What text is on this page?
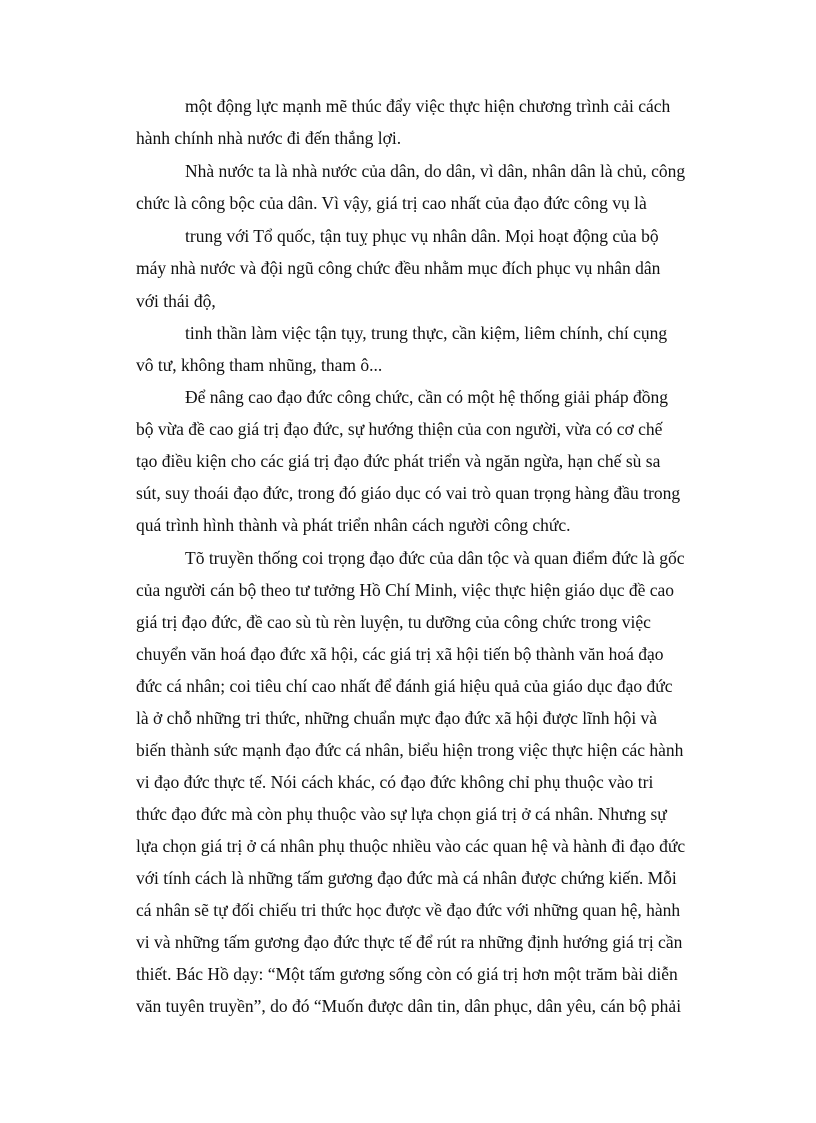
một động lực mạnh mẽ thúc đẩy việc thực hiện chương trình cải cách
hành chính nhà nước đi đến thắng lợi.
Nhà nước ta là nhà nước của dân, do dân, vì dân, nhân dân là chủ, công
chức là công bộc của dân. Vì vậy, giá trị cao nhất của đạo đức công vụ là
trung với Tổ quốc, tận tuỵ phục vụ nhân dân. Mọi hoạt động của bộ
máy nhà nước và đội ngũ công chức đều nhằm mục đích phục vụ nhân dân
với thái độ,
tinh thần làm việc tận tụy, trung thực, cần kiệm, liêm chính, chí cụng
vô tư, không tham nhũng, tham ô...
Để nâng cao đạo đức công chức, cần có một hệ thống giải pháp đồng
bộ vừa đề cao giá trị đạo đức, sự hướng thiện của con người, vừa có cơ chế
tạo điều kiện cho các giá trị đạo đức phát triển và ngăn ngừa, hạn chế sù sa
sút, suy thoái đạo đức, trong đó giáo dục có vai trò quan trọng hàng đầu trong
quá trình hình thành và phát triển nhân cách người công chức.
Tõ truyền thống coi trọng đạo đức của dân tộc và quan điểm đức là gốc
của người cán bộ theo tư tưởng Hồ Chí Minh, việc thực hiện giáo dục đề cao
giá trị đạo đức, đề cao sù tù rèn luyện, tu dưỡng của công chức trong việc
chuyển văn hoá đạo đức xã hội, các giá trị xã hội tiến bộ thành văn hoá đạo
đức cá nhân; coi tiêu chí cao nhất để đánh giá hiệu quả của giáo dục đạo đức
là ở chỗ những tri thức, những chuẩn mực đạo đức xã hội được lĩnh hội và
biến thành sức mạnh đạo đức cá nhân, biểu hiện trong việc thực hiện các hành
vi đạo đức thực tế. Nói cách khác, có đạo đức không chỉ phụ thuộc vào tri
thức đạo đức mà còn phụ thuộc vào sự lựa chọn giá trị ở cá nhân. Nhưng sự
lựa chọn giá trị ở cá nhân phụ thuộc nhiều vào các quan hệ và hành đi đạo đức
với tính cách là những tấm gương đạo đức mà cá nhân được chứng kiến. Mỗi
cá nhân sẽ tự đối chiếu tri thức học được về đạo đức với những quan hệ, hành
vi và những tấm gương đạo đức thực tế để rút ra những định hướng giá trị cần
thiết. Bác Hồ dạy: “Một tấm gương sống còn có giá trị hơn một trăm bài diễn
văn tuyên truyền”, do đó “Muốn được dân tin, dân phục, dân yêu, cán bộ phải
